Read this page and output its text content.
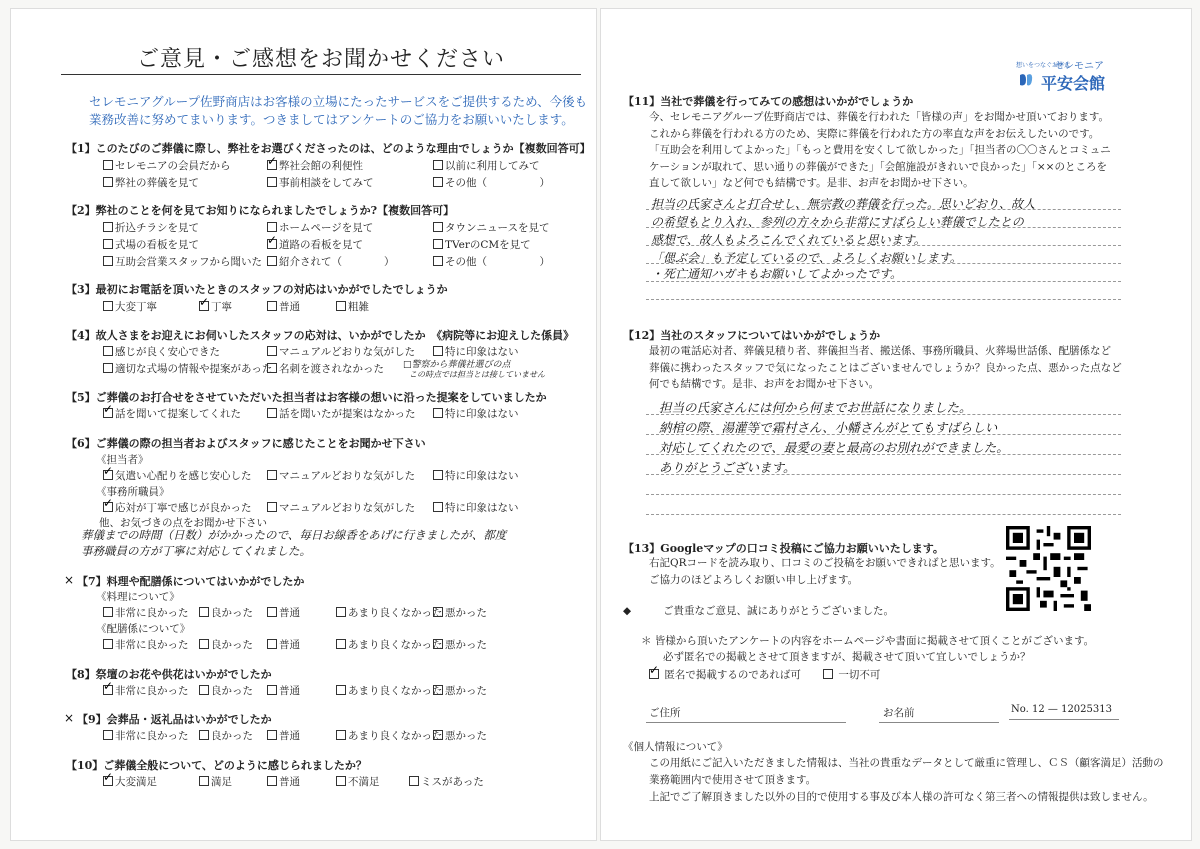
ご意見・ご感想をお聞かせください
セレモニアグループ佐野商店はお客様の立場にたったサービスをご提供するため、今後も
業務改善に努めてまいります。つきましてはアンケートのご協力をお願いいたします。
【1】このたびのご葬儀に際し、弊社をお選びくださったのは、どのような理由でしょうか【複数回答可】
セレモニアの会員だから ✓	弊社会館の利便性	以前に利用してみて
弊社の葬儀を見て	事前相談をしてみて	その他（　　　　　）
【2】弊社のことを何を見てお知りになられましたでしょうか?【複数回答可】
折込チラシを見て	ホームページを見て	タウンニュースを見て
式場の看板を見て ✓	道路の看板を見て	TVerのCMを見て
互助会営業スタッフから聞いた	紹介されて（　　　　）	その他（　　　　　）
【3】最初にお電話を頂いたときのスタッフの対応はいかがでしたでしょうか
大変丁寧 ✓	丁寧	普通	粗雑
【4】故人さまをお迎えにお伺いしたスタッフの応対は、いかがでしたか　《病院等にお迎えした係員》
感じが良く安心できた	マニュアルどおりな気がした	特に印象はない
適切な式場の情報や提案があった 名刺を渡されなかった □警察から葬儀社選びの点
この時点では担当とは接していません
【5】ご葬儀のお打合せをさせていただいた担当者はお客様の想いに沿った提案をしていましたか
✓話を聞いて提案してくれた	話を聞いたが提案はなかった	特に印象はない
【6】ご葬儀の際の担当者およびスタッフに感じたことをお聞かせ下さい
《担当者》
✓気遣い心配りを感じ安心した	マニュアルどおりな気がした	特に印象はない
《事務所職員》
✓応対が丁寧で感じが良かった	マニュアルどおりな気がした	特に印象はない
他、お気づきの点をお聞かせ下さい
葬儀までの時間（日数）がかかったので、毎日お線香をあげに行きましたが、都度
事務職員の方が丁寧に対応してくれました。
× 【7】料理や配膳係についてはいかがでしたか
《料理について》
非常に良かった	良かった	普通	あまり良くなかった 悪かった
《配膳係について》
非常に良かった	良かった	普通	あまり良くなかった 悪かった
【8】祭壇のお花や供花はいかがでしたか
✓非常に良かった	良かった	普通	あまり良くなかった 悪かった
× 【9】会葬品・返礼品はいかがでしたか
非常に良かった	良かった	普通	あまり良くなかった 悪かった
【10】ご葬儀全般について、どのように感じられましたか？
✓大変満足	満足	普通	不満足	ミスがあった
想いをつなぐお葬式
セレモニア
平安会館
【11】当社で葬儀を行ってみての感想はいかがでしょうか
今、セレモニアグループ佐野商店では、葬儀を行われた「皆様の声」をお聞かせ頂いております。
これから葬儀を行われる方のため、実際に葬儀を行われた方の率直な声をお伝えしたいのです。
「互助会を利用してよかった」「もっと費用を安くして欲しかった」「担当者の〇〇さんとコミュニ
ケーションが取れて、思い通りの葬儀ができた」「会館施設がきれいで良かった」「××のところを
直して欲しい」など何でも結構です。是非、お声をお聞かせ下さい。
担当の氏家さんと打合せし、無宗教の葬儀を行った。思いどおり、故人
の希望もとり入れ、参列の方々から非常にすばらしい葬儀でしたとの
感想で、故人もよろこんでくれていると思います。
「偲ぶ会」も予定しているので、よろしくお願いします。
・死亡通知ハガキもお願いしてよかったです。
【12】当社のスタッフについてはいかがでしょうか
最初の電話応対者、葬儀見積り者、葬儀担当者、搬送係、事務所職員、火葬場世話係、配膳係など
葬儀に携わったスタッフで気になったことはございませんでしょうか？良かった点、悪かった点など
何でも結構です。是非、お声をお聞かせ下さい。
担当の氏家さんには何から何までお世話になりました。
納棺の際、湯灌等で霜村さん、小幡さんがとてもすばらしい
対応してくれたので、最愛の妻と最高のお別れができました。
ありがとうございます。
【13】Googleマップの口コミ投稿にご協力お願いいたします。
右記QRコードを読み取り、口コミのご投稿をお願いできればと思います。
ご協力のほどよろしくお願い申し上げます。
◆	ご貴重なご意見、誠にありがとうございました。
＊ 皆様から頂いたアンケートの内容をホームページや書面に掲載させて頂くことがございます。
必ず匿名での掲載とさせて頂きますが、掲載させて頂いて宜しいでしょうか？
✓ 匿名で掲載するのであれば可	一切不可
ご住所	お名前	No. 12 — 12025313
《個人情報について》
この用紙にご記入いただきました情報は、当社の貴重なデータとして厳重に管理し、ＣＳ（顧客満足）活動の
業務範囲内で使用させて頂きます。
上記でご了解頂きました以外の目的で使用する事及び本人様の許可なく第三者への情報提供は致しません。
